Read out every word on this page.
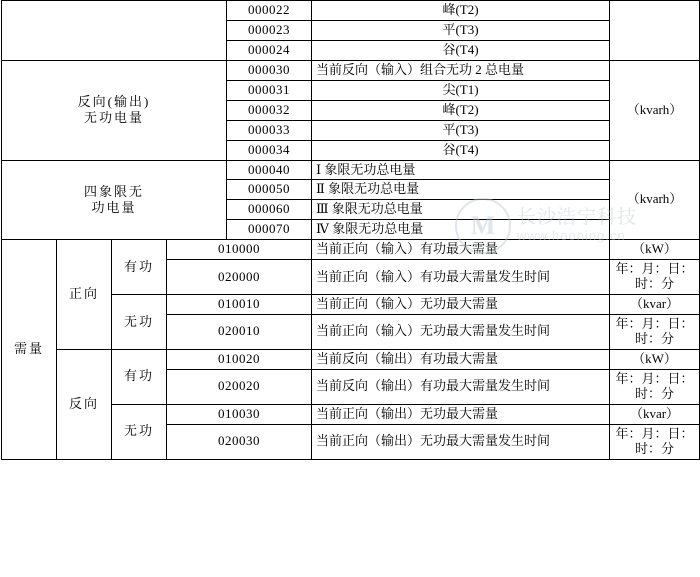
				000022	峰(T2)	
				000023	平(T3)	
				000024	谷(T4)	

反向(输出)
无功电量				000030	当前反向（输入）组合无功 2 总电量	（kvarh）
				000031	尖(T1)	
				000032	峰(T2)	
				000033	平(T3)	
				000034	谷(T4)	

四象限无
功电量				000040	Ⅰ 象限无功总电量	（kvarh）
				000050	Ⅱ 象限无功总电量	
				000060	Ⅲ 象限无功总电量	
				000070	Ⅳ 象限无功总电量	
需量	正向	有功	010000		当前正向（输入）有功最大需量	（kW）
			020000		当前正向（输入）有功最大需量发生时间	年：月：日： 时：分
		无功	010010		当前正向（输入）无功最大需量	（kvar）
			020010		当前正向（输入）无功最大需量发生时间	年：月：日： 时：分
	反向	有功	010020		当前反向（输出）有功最大需量	（kW）
			020020		当前反向（输出）有功最大需量发生时间	年：月：日： 时：分
		无功	010030		当前正向（输出）无功最大需量	（kvar）
			020030		当前正向（输出）无功最大需量发生时间	年：月：日： 时：分
M	长沙浩宁科技
www.hooning.cn
